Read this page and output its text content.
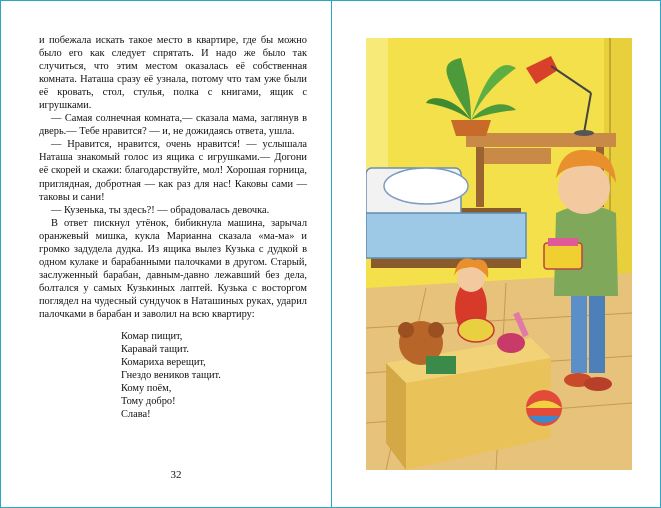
и побежала искать такое место в квартире, где бы можно было его как следует спрятать. И надо же было так случиться, что этим местом оказалась её собственная комната. Наташа сразу её узнала, потому что там уже были её кровать, стол, стулья, полка с книгами, ящик с игрушками.

— Самая солнечная комната,— сказала мама, заглянув в дверь.— Тебе нравится? — и, не дожидаясь ответа, ушла.

— Нравится, нравится, очень нравится! — услышала Наташа знакомый голос из ящика с игрушками.— Догони её скорей и скажи: благодарствуйте, мол! Хорошая горница, приглядная, добротная — как раз для нас! Каковы сами — таковы и сани!

— Кузенька, ты здесь?! — обрадовалась девочка.

В ответ пискнул утёнок, бибикнула машина, зарычал оранжевый мишка, кукла Марианна сказала «ма-ма» и громко задудела дудка. Из ящика вылез Кузька с дудкой в одном кулаке и барабанными палочками в другом. Старый, заслуженный барабан, давным-давно лежавший без дела, болтался у самых Кузькиных лаптей. Кузька с восторгом поглядел на чудесный сундучок в Наташиных руках, ударил палочками в барабан и заволил на всю квартиру:

Комар пищит,
Каравай тащит.
Комариха верещит,
Гнездо веников тащит.
Кому поём,
Тому добро!
Слава!
32
